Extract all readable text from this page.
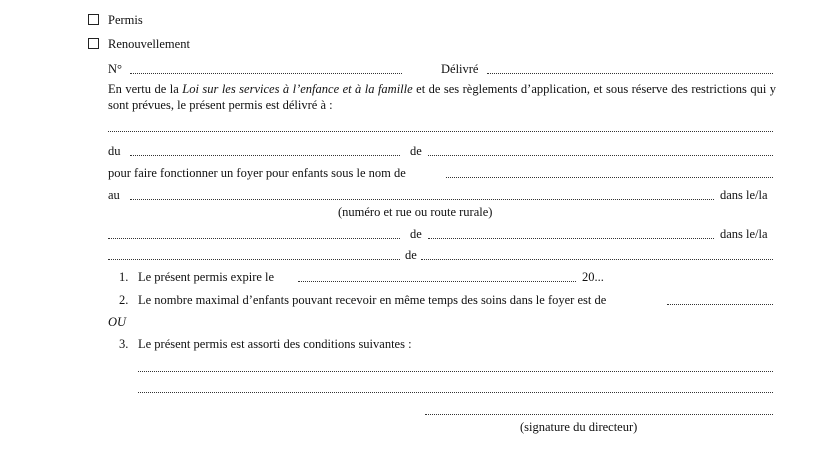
Permis
Renouvellement
N°	Délivré
En vertu de la Loi sur les services à l’enfance et à la famille et de ses règlements d’application, et sous réserve des restrictions qui y sont prévues, le présent permis est délivré à :
du	de
pour faire fonctionner un foyer pour enfants sous le nom de
au	dans le/la
(numéro et rue ou route rurale)
de	dans le/la
de
1. Le présent permis expire le	20...
2. Le nombre maximal d’enfants pouvant recevoir en même temps des soins dans le foyer est de
OU
3. Le présent permis est assorti des conditions suivantes :
(signature du directeur)
